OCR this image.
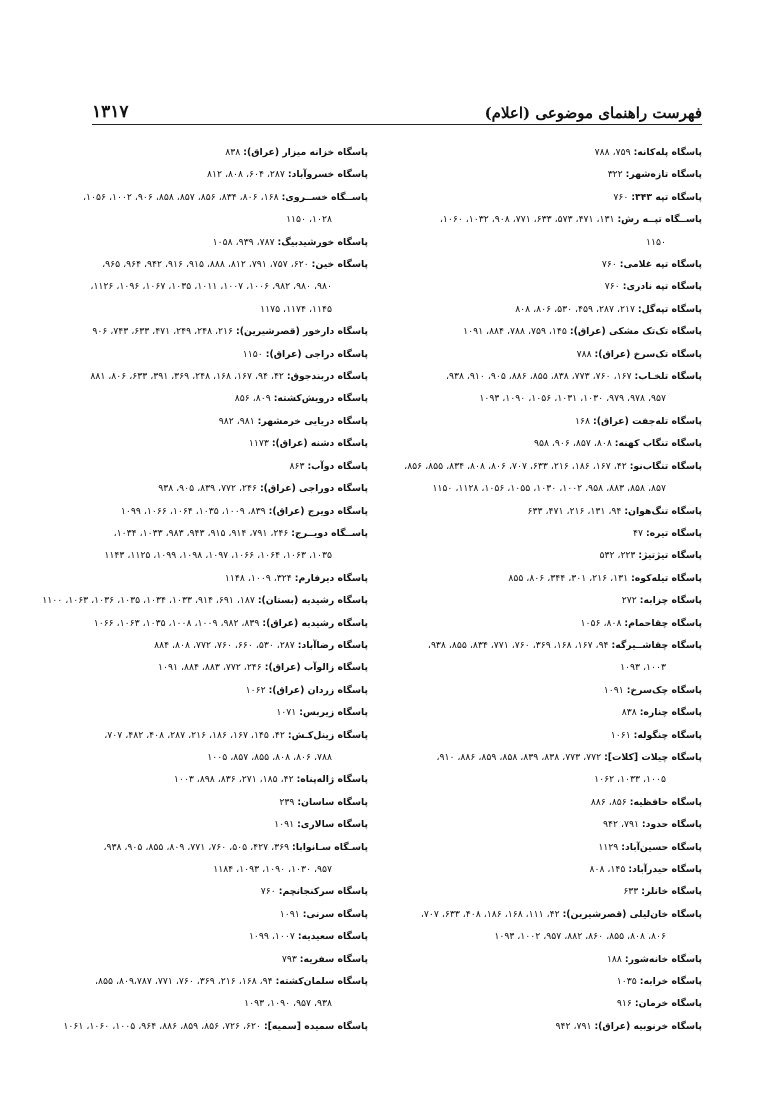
فهرست راهنمای موضوعی (اعلام)
۱۳۱۷
پاسگاه پلەکانە: ۷۵۹، ۷۸۸
پاسگاه تازەشهر: ۳۲۲
پاسگاه تپه ۳۴۳: ۷۶۰
پاســگاه تپــه رش: ۱۳۱، ۴۷۱، ۵۷۳، ۶۳۳، ۷۷۱، ۹۰۸، ۱۰۳۲، ۱۰۶۰،
۱۱۵۰
پاسگاه تپه غلامی: ۷۶۰
پاسگاه تپه نادری: ۷۶۰
پاسگاه تپەگل: ۲۱۷، ۲۸۷، ۴۵۹، ۵۳۰، ۸۰۶، ۸۰۸
پاسگاه تک‌تک مشکی (عراق): ۱۴۵، ۷۵۹، ۷۸۸، ۸۸۴، ۱۰۹۱
پاسگاه تک‌سرخ (عراق): ۷۸۸
پاسگاه تلخـاب: ۱۶۷، ۷۶۰، ۷۷۳، ۸۳۸، ۸۵۵، ۸۸۶، ۹۰۵، ۹۱۰، ۹۳۸،
۹۵۷، ۹۷۸، ۹۷۹، ۱۰۳۰، ۱۰۳۱، ۱۰۵۶، ۱۰۹۰، ۱۰۹۳
پاسگاه تلەجفت (عراق): ۱۶۸
پاسگاه تنگاب کهنه: ۸۰۸، ۸۵۷، ۹۰۶، ۹۵۸
پاسگاه تنگاب‌نو: ۴۲، ۱۶۷، ۱۸۶، ۲۱۶، ۶۳۳، ۷۰۷، ۸۰۶، ۸۰۸، ۸۳۴، ۸۵۵، ۸۵۶،
۸۵۷، ۸۵۸، ۸۸۳، ۹۵۸، ۱۰۰۲، ۱۰۳۰، ۱۰۵۵، ۱۰۵۶، ۱۱۲۸، ۱۱۵۰
پاسگاه تنگ‌هوان: ۹۴، ۱۳۱، ۲۱۶، ۴۷۱، ۶۳۳
پاسگاه تیره: ۴۷
پاسگاه تیژتیژ: ۲۲۳، ۵۳۲
پاسگاه تیله‌کوه: ۱۳۱، ۲۱۶، ۳۰۱، ۳۴۴، ۸۰۶، ۸۵۵
پاسگاه چزابه: ۲۷۲
پاسگاه چقاحمام: ۸۰۸، ۱۰۵۶
پاسگاه چقاشــیرگه: ۹۴، ۱۶۷، ۱۶۸، ۳۶۹، ۷۶۰، ۷۷۱، ۸۳۴، ۸۵۵، ۹۳۸،
۱۰۰۳، ۱۰۹۳
پاسگاه چک‌سرخ: ۱۰۹۱
پاسگاه چناره: ۸۳۸
پاسگاه چنگوله: ۱۰۶۱
پاسگاه چیلات [کلات]: ۷۷۲، ۷۷۳، ۸۳۸، ۸۳۹، ۸۵۸، ۸۵۹، ۸۸۶، ۹۱۰،
۱۰۰۵، ۱۰۳۳، ۱۰۶۲
پاسگاه حافظیه: ۸۵۶، ۸۸۶
پاسگاه حدود: ۷۹۱، ۹۴۲
پاسگاه حسین‌آباد: ۱۱۲۹
پاسگاه حیدرآباد: ۱۴۵، ۸۰۸
پاسگاه خانلر: ۶۳۳
پاسگاه خان‌لیلی (قصرشیرین): ۴۲، ۱۱۱، ۱۶۸، ۱۸۶، ۴۰۸، ۶۳۳، ۷۰۷،
۸۰۶، ۸۰۸، ۸۵۵، ۸۶۰، ۸۸۲، ۹۵۷، ۱۰۰۲، ۱۰۹۳
پاسگاه خانه‌شور: ۱۸۸
پاسگاه خرابه: ۱۰۳۵
پاسگاه خرمان: ۹۱۶
پاسگاه خرنوبیه (عراق): ۷۹۱، ۹۴۲
پاسگاه خزانه میزار (عراق): ۸۳۸
پاسگاه خسروآباد: ۲۸۷، ۶۰۴، ۸۰۸، ۸۱۲
پاســگاه خســروی: ۱۶۸، ۸۰۶، ۸۳۴، ۸۵۶، ۸۵۷، ۸۵۸، ۹۰۶، ۱۰۰۲، ۱۰۵۶،
۱۰۲۸، ۱۱۵۰
پاسگاه خورشیدبیگ: ۷۸۷، ۹۳۹، ۱۰۵۸
پاسگاه خین: ۶۲۰، ۷۵۷، ۷۹۱، ۸۱۲، ۸۸۸، ۹۱۵، ۹۱۶، ۹۴۲، ۹۶۴، ۹۶۵،
۹۸۰، ۹۸۰، ۹۸۲، ۱۰۰۶، ۱۰۰۷، ۱۰۱۱، ۱۰۳۵، ۱۰۶۷، ۱۰۹۶، ۱۱۲۶،
۱۱۴۵، ۱۱۷۴، ۱۱۷۵
پاسگاه دارخور (قصرشیرین): ۲۱۶، ۲۴۸، ۲۴۹، ۴۷۱، ۶۳۳، ۷۴۳، ۹۰۶
پاسگاه دراجی (عراق): ۱۱۵۰
پاسگاه دربندجوق: ۴۲، ۹۴، ۱۶۷، ۱۶۸، ۲۴۸، ۳۶۹، ۳۹۱، ۶۳۳، ۸۰۶، ۸۸۱
پاسگاه درویش‌کشته: ۸۰۹، ۸۵۶
پاسگاه دریایی خرمشهر: ۹۸۱، ۹۸۲
پاسگاه دشنه (عراق): ۱۱۷۳
پاسگاه دوآب: ۸۶۳
پاسگاه دوراجی (عراق): ۲۴۶، ۷۷۲، ۸۳۹، ۹۰۵، ۹۳۸
پاسگاه دویرج (عراق): ۸۳۹، ۱۰۰۹، ۱۰۳۵، ۱۰۶۴، ۱۰۶۶، ۱۰۹۹
پاســگاه دویــرج: ۲۴۶، ۷۹۱، ۹۱۴، ۹۱۵، ۹۴۳، ۹۸۳، ۱۰۳۳، ۱۰۳۴،
۱۰۳۵، ۱۰۶۳، ۱۰۶۴، ۱۰۶۶، ۱۰۹۷، ۱۰۹۸، ۱۰۹۹، ۱۱۲۵، ۱۱۴۳
پاسگاه دیرفارم: ۳۲۴، ۱۰۰۹، ۱۱۴۸
پاسگاه رشیدیه (بستان): ۱۸۷، ۶۹۱، ۹۱۴، ۱۰۳۳، ۱۰۳۴، ۱۰۳۵، ۱۰۳۶، ۱۰۶۳، ۱۱۰۰
پاسگاه رشیدیه (عراق): ۸۳۹، ۹۸۲، ۱۰۰۹، ۱۰۰۸، ۱۰۳۵، ۱۰۶۳، ۱۰۶۶
پاسگاه رضاآباد: ۲۸۷، ۵۳۰، ۶۶۰، ۷۶۰، ۷۷۲، ۸۰۸، ۸۸۴
پاسگاه زالوآب (عراق): ۲۴۶، ۷۷۲، ۸۸۳، ۸۸۴، ۱۰۹۱
پاسگاه زردان (عراق): ۱۰۶۲
پاسگاه زیربس: ۱۰۷۱
پاسگاه زینل‌کـش: ۴۲، ۱۴۵، ۱۶۷، ۱۸۶، ۲۱۶، ۲۸۷، ۴۰۸، ۴۸۲، ۷۰۷،
۷۸۸، ۸۰۶، ۸۰۸، ۸۵۵، ۸۵۷، ۱۰۰۵
پاسگاه ژاله‌پناه: ۴۲، ۱۸۵، ۲۷۱، ۸۳۶، ۸۹۸، ۱۰۰۳
پاسگاه ساسان: ۲۳۹
پاسگاه سالاری: ۱۰۹۱
پاسـگاه سـانوابا: ۳۶۹، ۴۲۷، ۵۰۵، ۷۶۰، ۷۷۱، ۸۰۹، ۸۵۵، ۹۰۵، ۹۳۸،
۹۵۷، ۱۰۳۰، ۱۰۹۰، ۱۰۹۳، ۱۱۸۴
پاسگاه سرکنجانچم: ۷۶۰
پاسگاه سرنی: ۱۰۹۱
پاسگاه سعیدیه: ۱۰۰۷، ۱۰۹۹
پاسگاه سفریه: ۷۹۳
پاسگاه سلمان‌کشته: ۹۴، ۱۶۸، ۲۱۶، ۳۶۹، ۷۶۰، ۷۷۱، ۸۰۹،۷۸۷، ۸۵۵،
۹۳۸، ۹۵۷، ۱۰۹۰، ۱۰۹۳
پاسگاه سمیده [سمیه]: ۶۲۰، ۷۲۶، ۸۵۶، ۸۵۹، ۸۸۶، ۹۶۴، ۱۰۰۵، ۱۰۶۰، ۱۰۶۱
